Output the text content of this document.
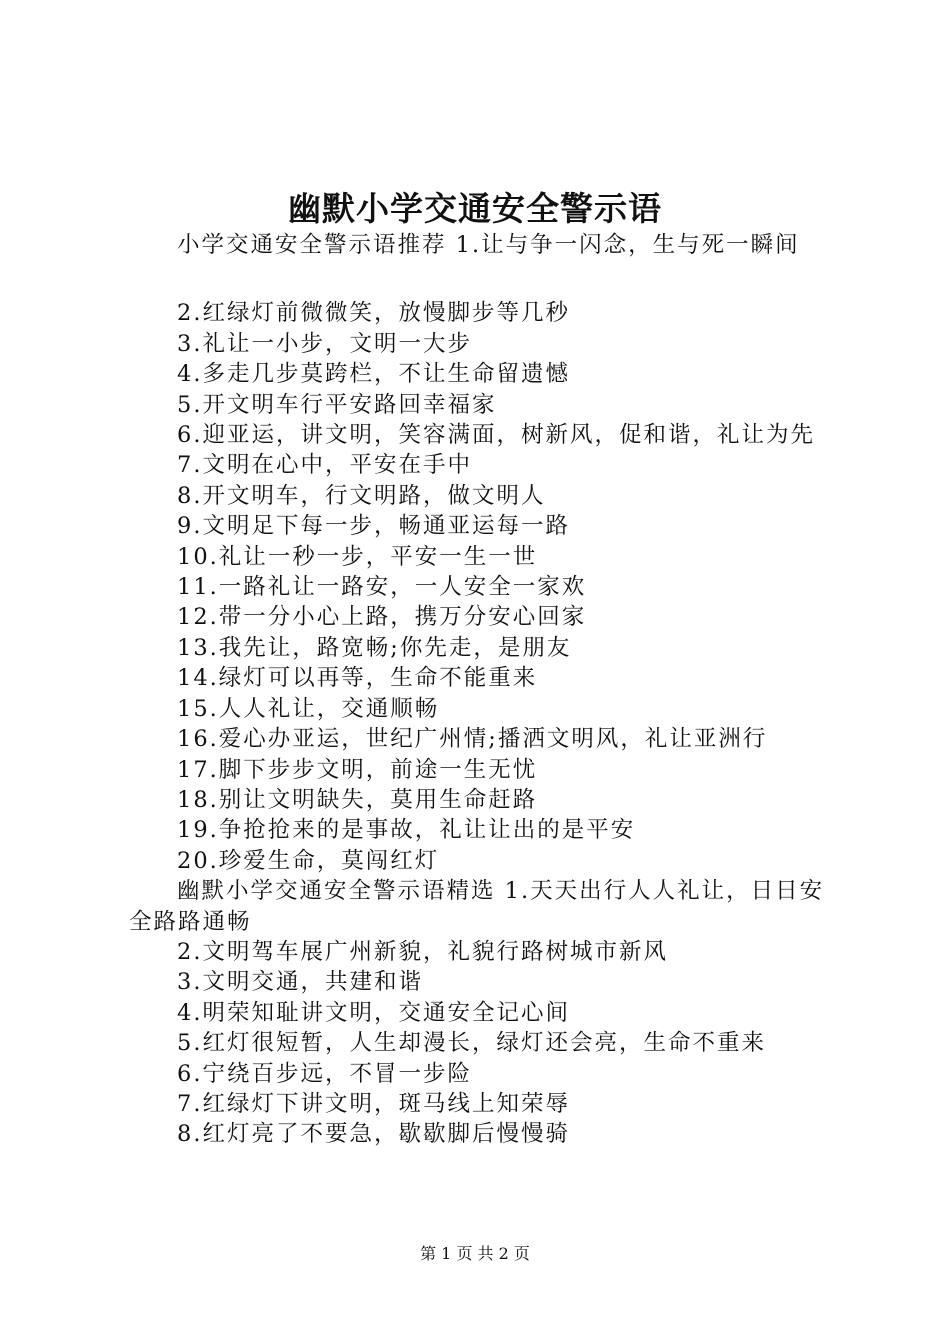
幽默小学交通安全警示语
小学交通安全警示语推荐 1.让与争一闪念，生与死一瞬间
2.红绿灯前微微笑，放慢脚步等几秒
3.礼让一小步，文明一大步
4.多走几步莫跨栏，不让生命留遗憾
5.开文明车行平安路回幸福家
6.迎亚运，讲文明，笑容满面，树新风，促和谐，礼让为先
7.文明在心中，平安在手中
8.开文明车，行文明路，做文明人
9.文明足下每一步，畅通亚运每一路
10.礼让一秒一步，平安一生一世
11.一路礼让一路安，一人安全一家欢
12.带一分小心上路，携万分安心回家
13.我先让，路宽畅;你先走，是朋友
14.绿灯可以再等，生命不能重来
15.人人礼让，交通顺畅
16.爱心办亚运，世纪广州情;播洒文明风，礼让亚洲行
17.脚下步步文明，前途一生无忧
18.别让文明缺失，莫用生命赶路
19.争抢抢来的是事故，礼让让出的是平安
20.珍爱生命，莫闯红灯
幽默小学交通安全警示语精选 1.天天出行人人礼让，日日安全路路通畅
2.文明驾车展广州新貌，礼貌行路树城市新风
3.文明交通，共建和谐
4.明荣知耻讲文明，交通安全记心间
5.红灯很短暂，人生却漫长，绿灯还会亮，生命不重来
6.宁绕百步远，不冒一步险
7.红绿灯下讲文明，斑马线上知荣辱
8.红灯亮了不要急，歇歇脚后慢慢骑
第 1 页 共 2 页
